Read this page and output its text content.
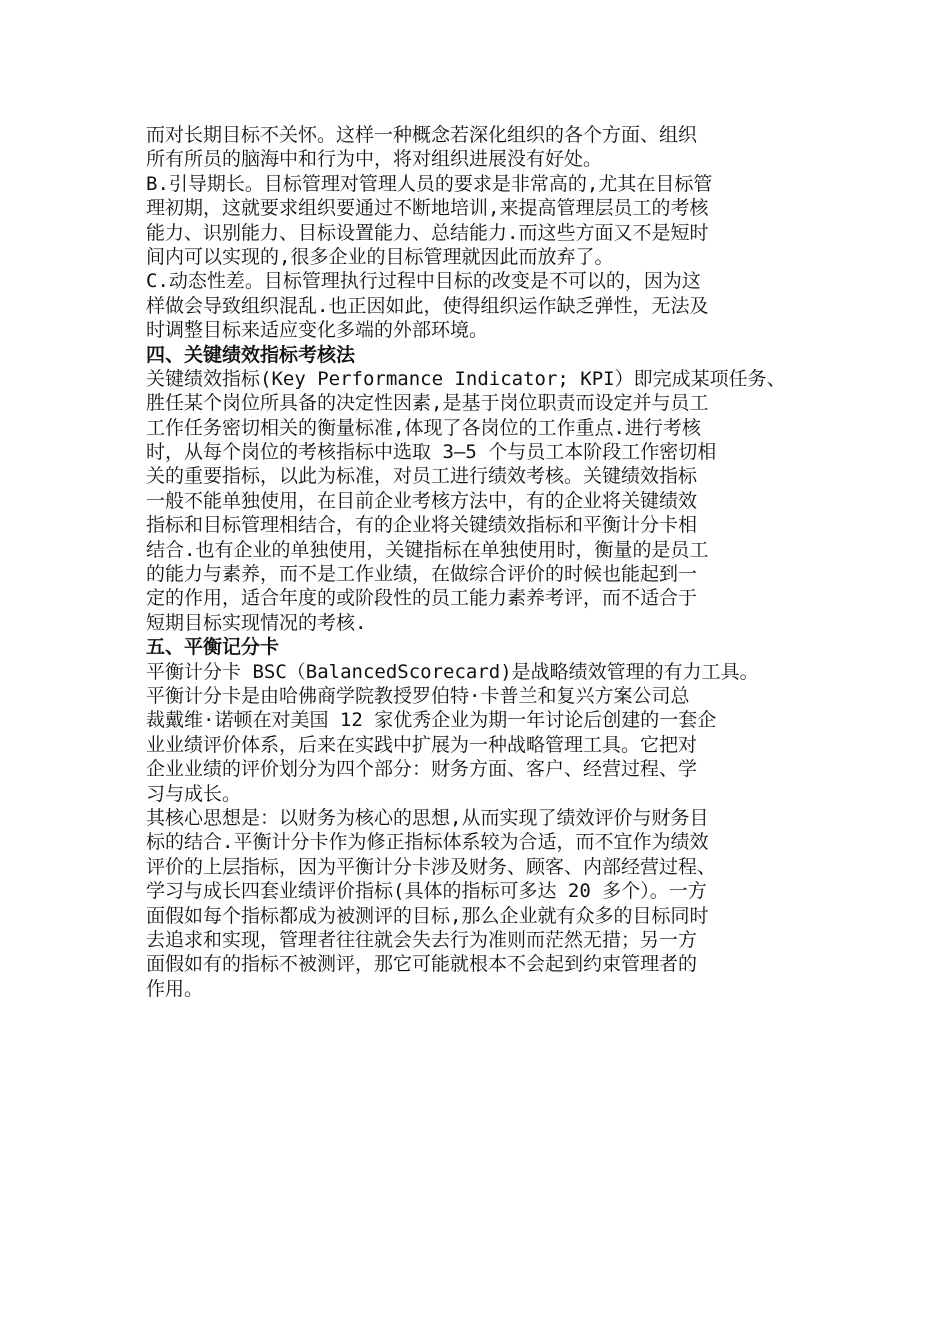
而对长期目标不关怀。这样一种概念若深化组织的各个方面、组织
所有所员的脑海中和行为中，将对组织进展没有好处。
B.引导期长。目标管理对管理人员的要求是非常高的,尤其在目标管
理初期，这就要求组织要通过不断地培训,来提高管理层员工的考核
能力、识别能力、目标设置能力、总结能力.而这些方面又不是短时
间内可以实现的,很多企业的目标管理就因此而放弃了。
C.动态性差。目标管理执行过程中目标的改变是不可以的，因为这
样做会导致组织混乱.也正因如此，使得组织运作缺乏弹性，无法及
时调整目标来适应变化多端的外部环境。
四、关键绩效指标考核法
关键绩效指标(Key Performance Indicator; KPI）即完成某项任务、
胜任某个岗位所具备的决定性因素,是基于岗位职责而设定并与员工
工作任务密切相关的衡量标准,体现了各岗位的工作重点.进行考核
时，从每个岗位的考核指标中选取 3—5 个与员工本阶段工作密切相
关的重要指标，以此为标准，对员工进行绩效考核。关键绩效指标
一般不能单独使用，在目前企业考核方法中，有的企业将关键绩效
指标和目标管理相结合，有的企业将关键绩效指标和平衡计分卡相
结合.也有企业的单独使用，关键指标在单独使用时，衡量的是员工
的能力与素养，而不是工作业绩，在做综合评价的时候也能起到一
定的作用，适合年度的或阶段性的员工能力素养考评，而不适合于
短期目标实现情况的考核.
五、平衡记分卡
平衡计分卡 BSC（BalancedScorecard)是战略绩效管理的有力工具。
平衡计分卡是由哈佛商学院教授罗伯特·卡普兰和复兴方案公司总
裁戴维·诺顿在对美国 12 家优秀企业为期一年讨论后创建的一套企
业业绩评价体系，后来在实践中扩展为一种战略管理工具。它把对
企业业绩的评价划分为四个部分：财务方面、客户、经营过程、学
习与成长。
其核心思想是：以财务为核心的思想,从而实现了绩效评价与财务目
标的结合.平衡计分卡作为修正指标体系较为合适，而不宜作为绩效
评价的上层指标，因为平衡计分卡涉及财务、顾客、内部经营过程、
学习与成长四套业绩评价指标(具体的指标可多达 20 多个）。一方
面假如每个指标都成为被测评的目标,那么企业就有众多的目标同时
去追求和实现，管理者往往就会失去行为准则而茫然无措；另一方
面假如有的指标不被测评，那它可能就根本不会起到约束管理者的
作用。
